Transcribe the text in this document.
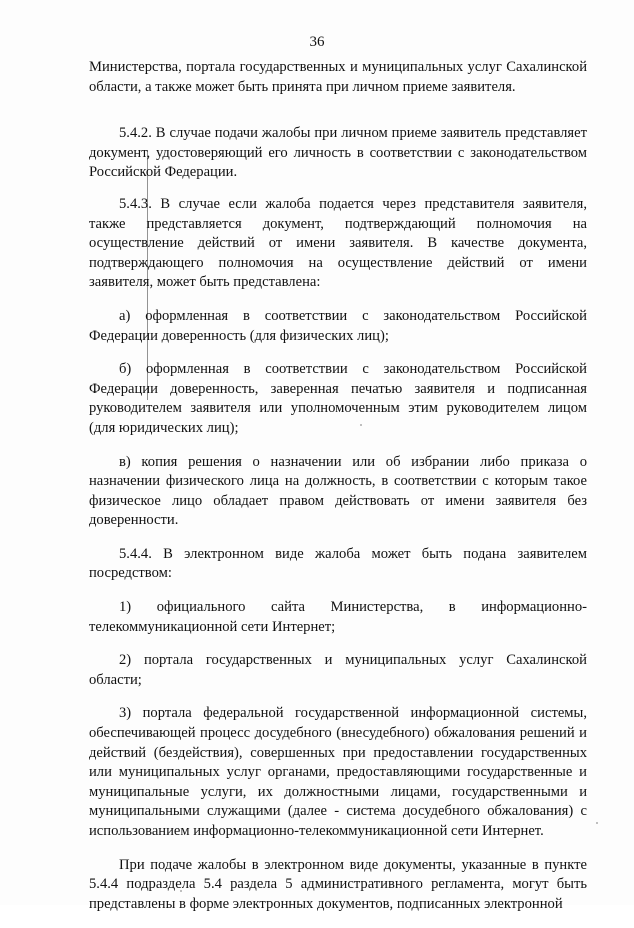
36

Министерства, портала государственных и муниципальных услуг Сахалинской области, а также может быть принята при личном приеме заявителя.

5.4.2. В случае подачи жалобы при личном приеме заявитель представляет документ, удостоверяющий его личность в соответствии с законодательством Российской Федерации.

5.4.3. В случае если жалоба подается через представителя заявителя, также представляется документ, подтверждающий полномочия на осуществление действий от имени заявителя. В качестве документа, подтверждающего полномочия на осуществление действий от имени заявителя, может быть представлена:

а) оформленная в соответствии с законодательством Российской Федерации доверенность (для физических лиц);

б) оформленная в соответствии с законодательством Российской Федерации доверенность, заверенная печатью заявителя и подписанная руководителем заявителя или уполномоченным этим руководителем лицом (для юридических лиц);

в) копия решения о назначении или об избрании либо приказа о назначении физического лица на должность, в соответствии с которым такое физическое лицо обладает правом действовать от имени заявителя без доверенности.

5.4.4. В электронном виде жалоба может быть подана заявителем посредством:

1) официального сайта Министерства, в информационно-телекоммуникационной сети Интернет;

2) портала государственных и муниципальных услуг Сахалинской области;

3) портала федеральной государственной информационной системы, обеспечивающей процесс досудебного (внесудебного) обжалования решений и действий (бездействия), совершенных при предоставлении государственных или муниципальных услуг органами, предоставляющими государственные и муниципальные услуги, их должностными лицами, государственными и муниципальными служащими (далее - система досудебного обжалования) с использованием информационно-телекоммуникационной сети Интернет.

При подаче жалобы в электронном виде документы, указанные в пункте 5.4.4 подраздела 5.4 раздела 5 административного регламента, могут быть представлены в форме электронных документов, подписанных электронной
